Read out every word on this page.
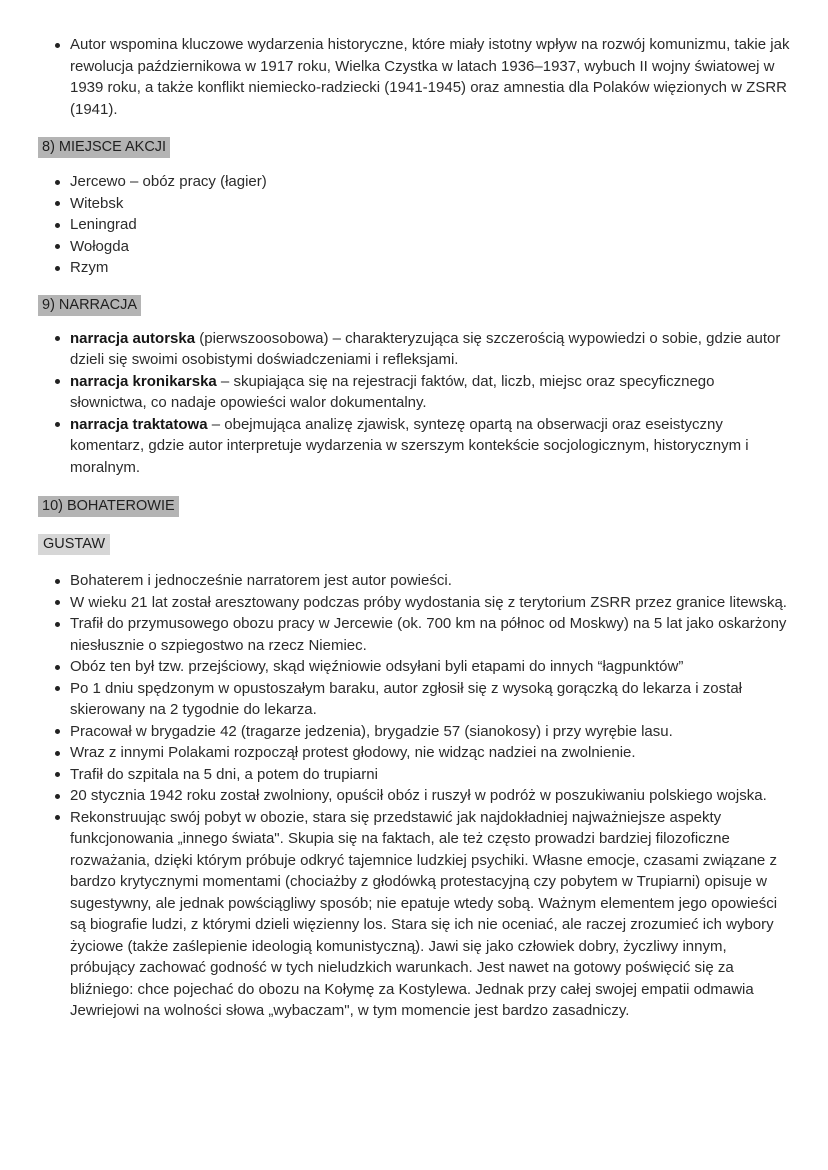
Autor wspomina kluczowe wydarzenia historyczne, które miały istotny wpływ na rozwój komunizmu, takie jak rewolucja październikowa w 1917 roku, Wielka Czystka w latach 1936–1937, wybuch II wojny światowej w 1939 roku, a także konflikt niemiecko-radziecki (1941-1945) oraz amnestia dla Polaków więzionych w ZSRR (1941).

8) MIEJSCE AKCJI

Jercewo – obóz pracy (łagier)
Witebsk
Leningrad
Wołogda
Rzym

9) NARRACJA

narracja autorska (pierwszoosobowa) – charakteryzująca się szczerością wypowiedzi o sobie, gdzie autor dzieli się swoimi osobistymi doświadczeniami i refleksjami.
narracja kronikarska – skupiająca się na rejestracji faktów, dat, liczb, miejsc oraz specyficznego słownictwa, co nadaje opowieści walor dokumentalny.
narracja traktatowa – obejmująca analizę zjawisk, syntezę opartą na obserwacji oraz eseistyczny komentarz, gdzie autor interpretuje wydarzenia w szerszym kontekście socjologicznym, historycznym i moralnym.

10) BOHATEROWIE

GUSTAW

Bohaterem i jednocześnie narratorem jest autor powieści.
W wieku 21 lat został aresztowany podczas próby wydostania się z terytorium ZSRR przez granice litewską.
Trafił do przymusowego obozu pracy w Jercewie (ok. 700 km na północ od Moskwy) na 5 lat jako oskarżony niesłusznie o szpiegostwo na rzecz Niemiec.
Obóz ten był tzw. przejściowy, skąd więźniowie odsyłani byli etapami do innych “łagpunktów”
Po 1 dniu spędzonym w opustoszałym baraku, autor zgłosił się z wysoką gorączką do lekarza i został skierowany na 2 tygodnie do lekarza.
Pracował w brygadzie 42 (tragarze jedzenia), brygadzie 57 (sianokosy) i przy wyrębie lasu.
Wraz z innymi Polakami rozpoczął protest głodowy, nie widząc nadziei na zwolnienie.
Trafił do szpitala na 5 dni, a potem do trupiarni
20 stycznia 1942 roku został zwolniony, opuścił obóz i ruszył w podróż w poszukiwaniu polskiego wojska.
Rekonstruując swój pobyt w obozie, stara się przedstawić jak najdokładniej najważniejsze aspekty funkcjonowania „innego świata". Skupia się na faktach, ale też często prowadzi bardziej filozoficzne rozważania, dzięki którym próbuje odkryć tajemnice ludzkiej psychiki. Własne emocje, czasami związane z bardzo krytycznymi momentami (chociażby z głodówką protestacyjną czy pobytem w Trupiarni) opisuje w sugestywny, ale jednak powściągliwy sposób; nie epatuje wtedy sobą. Ważnym elementem jego opowieści są biografie ludzi, z którymi dzieli więzienny los. Stara się ich nie oceniać, ale raczej zrozumieć ich wybory życiowe (także zaślepienie ideologią komunistyczną). Jawi się jako człowiek dobry, życzliwy innym, próbujący zachować godność w tych nieludzkich warunkach. Jest nawet na gotowy poświęcić się za bliźniego: chce pojechać do obozu na Kołymę za Kostylewa. Jednak przy całej swojej empatii odmawia Jewriejowi na wolności słowa „wybaczam", w tym momencie jest bardzo zasadniczy.
